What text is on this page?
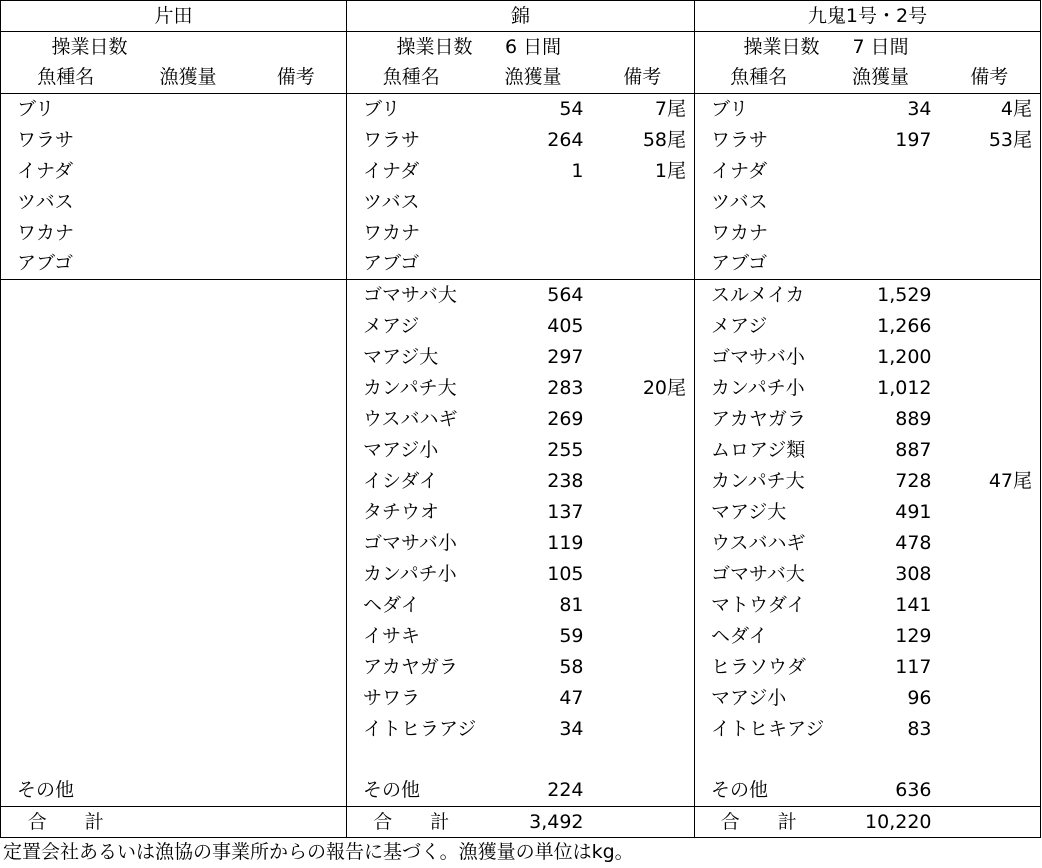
片田			錦			九鬼1号・2号		
操業日数			操業日数	6 日間		操業日数	7 日間	
魚種名	漁獲量	備考	魚種名	漁獲量	備考	魚種名	漁獲量	備考
ブリ			ブリ	54	7尾	ブリ	34	4尾
ワラサ			ワラサ	264	58尾	ワラサ	197	53尾
イナダ			イナダ	1	1尾	イナダ		
ツバス			ツバス			ツバス		
ワカナ			ワカナ			ワカナ		
アブゴ			アブゴ			アブゴ		
			ゴマサバ大	564		スルメイカ	1,529	
			メアジ	405		メアジ	1,266	
			マアジ大	297		ゴマサバ小	1,200	
			カンパチ大	283	20尾	カンパチ小	1,012	
			ウスバハギ	269		アカヤガラ	889	
			マアジ小	255		ムロアジ類	887	
			イシダイ	238		カンパチ大	728	47尾
			タチウオ	137		マアジ大	491	
			ゴマサバ小	119		ウスバハギ	478	
			カンパチ小	105		ゴマサバ大	308	
			ヘダイ	81		マトウダイ	141	
			イサキ	59		ヘダイ	129	
			アカヤガラ	58		ヒラソウダ	117	
			サワラ	47		マアジ小	96	
			イトヒラアジ	34		イトヒキアジ	83	

その他			その他	224		その他	636	
合　　計			合　　計	3,492		合　　計	10,220	
定置会社あるいは漁協の事業所からの報告に基づく。漁獲量の単位はkg。
